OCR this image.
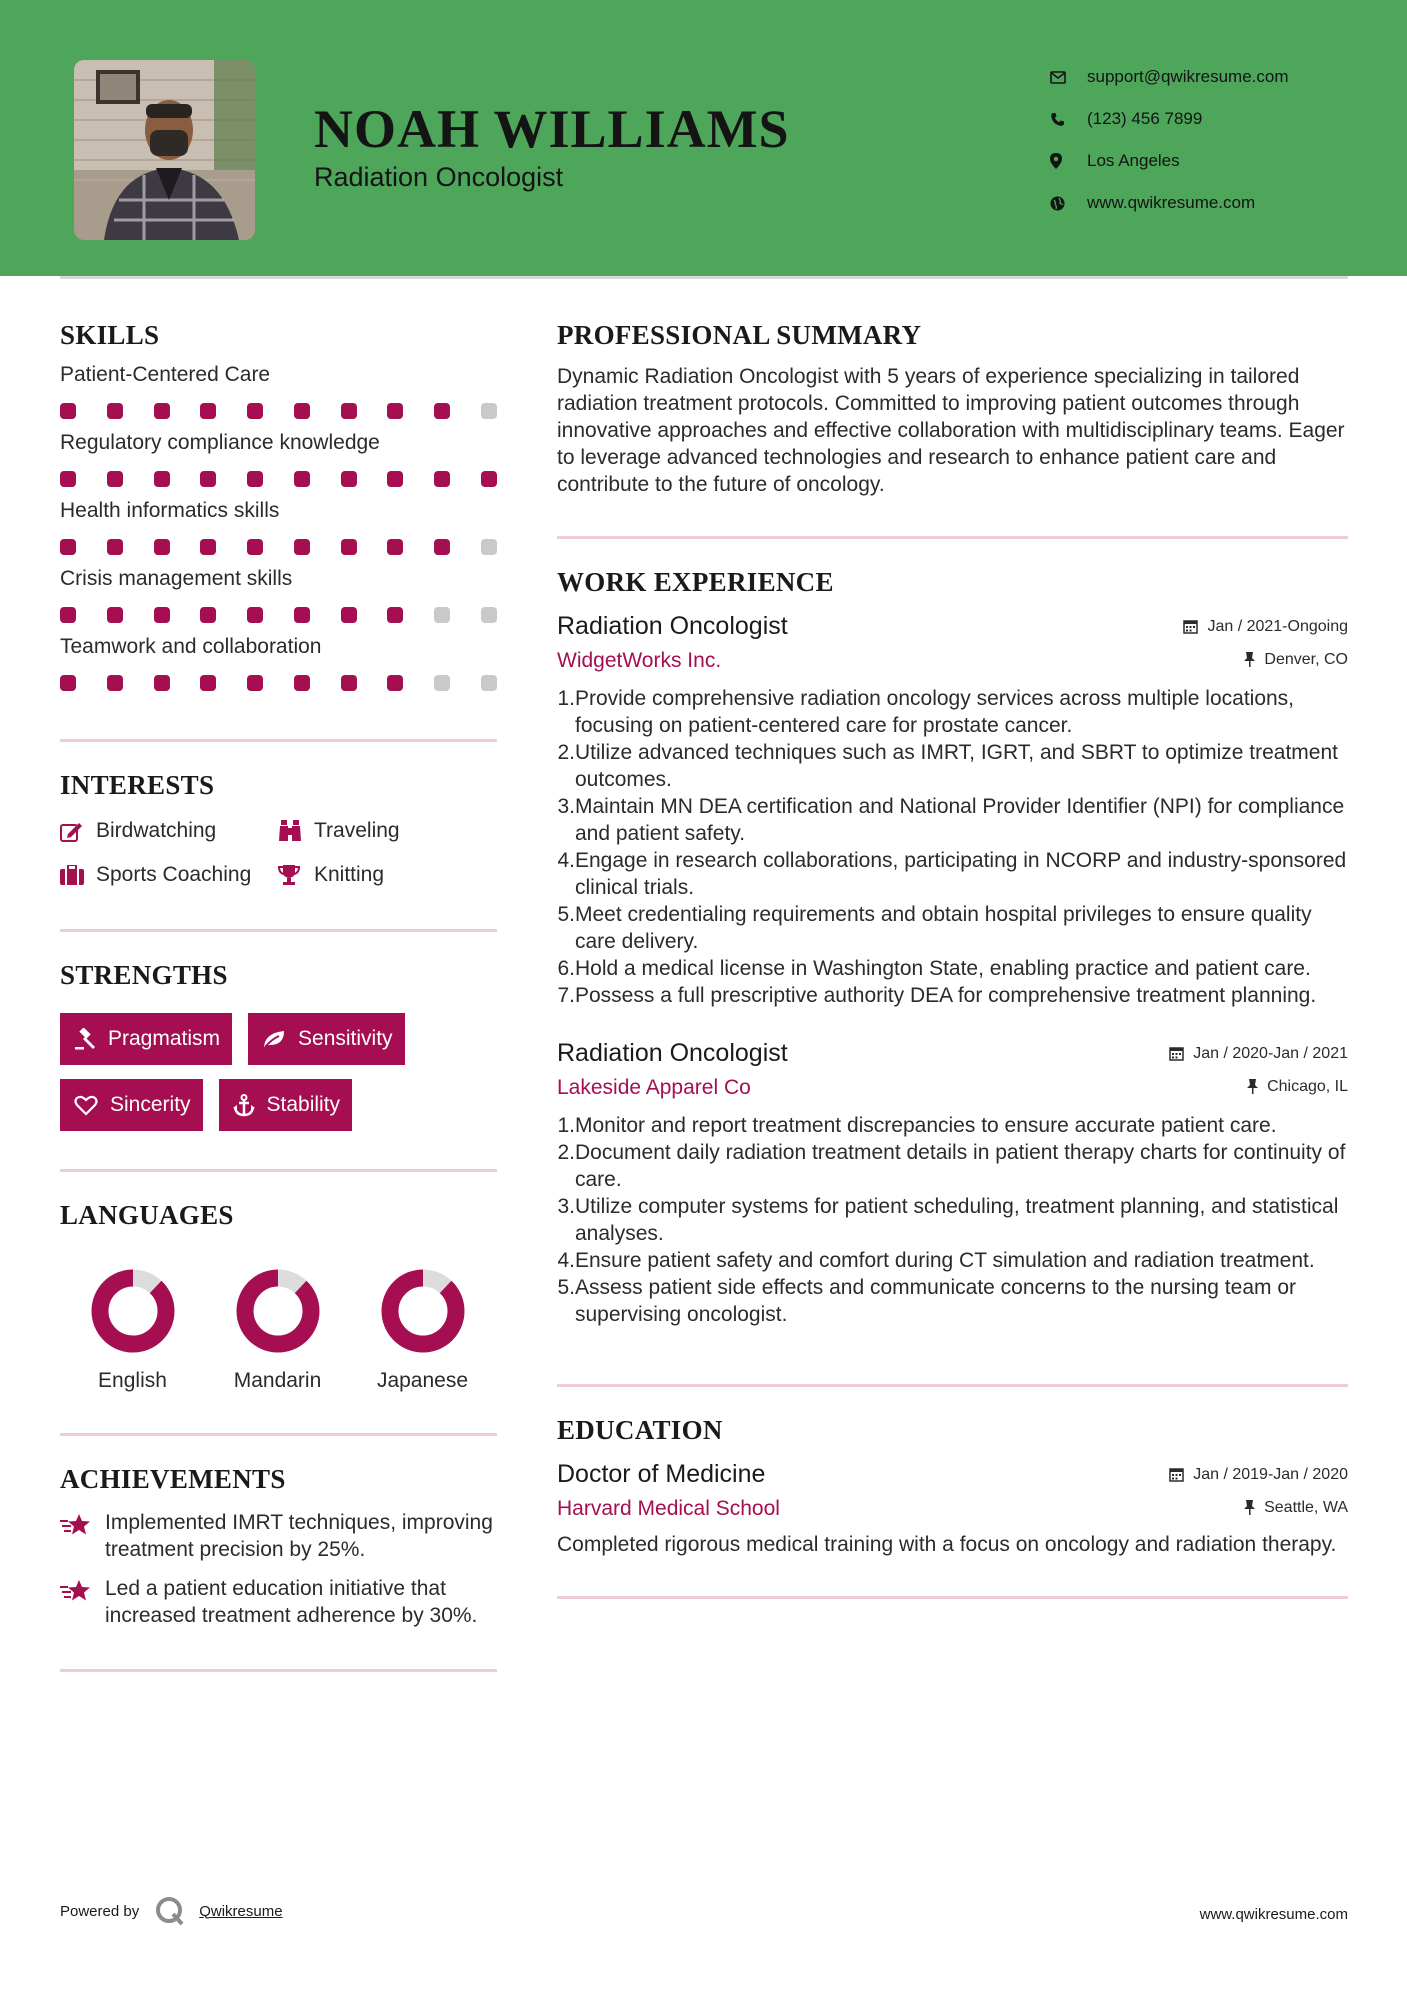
NOAH WILLIAMS
Radiation Oncologist
support@qwikresume.com
(123) 456 7899
Los Angeles
www.qwikresume.com
SKILLS
Patient-Centered Care
Regulatory compliance knowledge
Health informatics skills
Crisis management skills
Teamwork and collaboration
INTERESTS
Birdwatching	Traveling
Sports Coaching	Knitting
STRENGTHS
Pragmatism	Sensitivity
Sincerity	Stability
LANGUAGES
English	Mandarin	Japanese
ACHIEVEMENTS
Implemented IMRT techniques, improving treatment precision by 25%.
Led a patient education initiative that increased treatment adherence by 30%.
PROFESSIONAL SUMMARY
Dynamic Radiation Oncologist with 5 years of experience specializing in tailored radiation treatment protocols. Committed to improving patient outcomes through innovative approaches and effective collaboration with multidisciplinary teams. Eager to leverage advanced technologies and research to enhance patient care and contribute to the future of oncology.
WORK EXPERIENCE
Radiation Oncologist	Jan / 2021-Ongoing
WidgetWorks Inc.	Denver, CO
1. Provide comprehensive radiation oncology services across multiple locations, focusing on patient-centered care for prostate cancer.
2. Utilize advanced techniques such as IMRT, IGRT, and SBRT to optimize treatment outcomes.
3. Maintain MN DEA certification and National Provider Identifier (NPI) for compliance and patient safety.
4. Engage in research collaborations, participating in NCORP and industry-sponsored clinical trials.
5. Meet credentialing requirements and obtain hospital privileges to ensure quality care delivery.
6. Hold a medical license in Washington State, enabling practice and patient care.
7. Possess a full prescriptive authority DEA for comprehensive treatment planning.
Radiation Oncologist	Jan / 2020-Jan / 2021
Lakeside Apparel Co	Chicago, IL
1. Monitor and report treatment discrepancies to ensure accurate patient care.
2. Document daily radiation treatment details in patient therapy charts for continuity of care.
3. Utilize computer systems for patient scheduling, treatment planning, and statistical analyses.
4. Ensure patient safety and comfort during CT simulation and radiation treatment.
5. Assess patient side effects and communicate concerns to the nursing team or supervising oncologist.
EDUCATION
Doctor of Medicine	Jan / 2019-Jan / 2020
Harvard Medical School	Seattle, WA
Completed rigorous medical training with a focus on oncology and radiation therapy.
Powered by	Qwikresume	www.qwikresume.com
